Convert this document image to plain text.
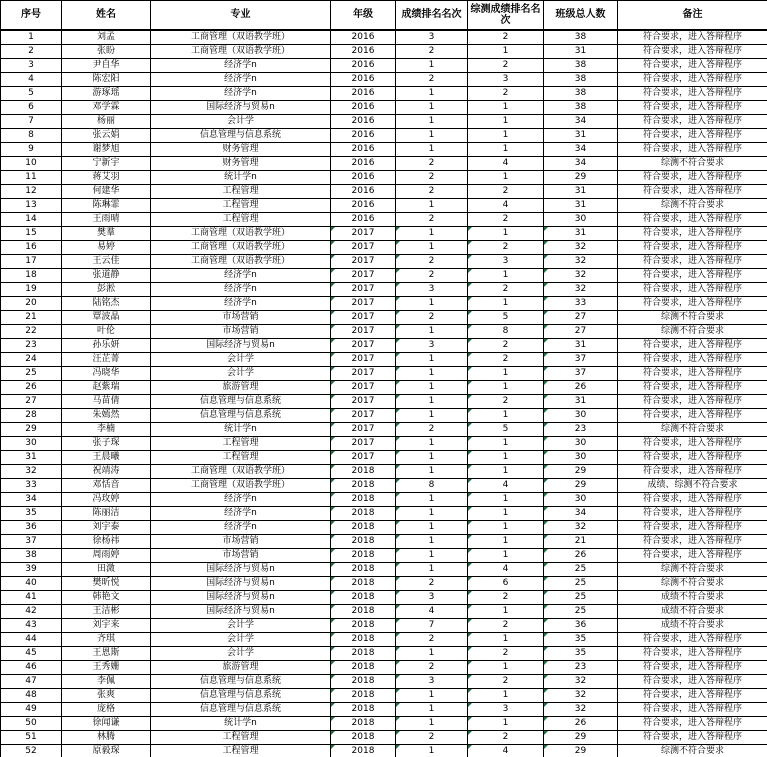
序号	姓名	专业	年级	成绩排名名次	综测成绩排名名次	班级总人数	备注
1	刘孟	工商管理（双语教学班）	2016	3	2	38	符合要求，进入答辩程序
2	张盼	工商管理（双语教学班）	2016	2	1	31	符合要求，进入答辩程序
3	尹自华	经济学n	2016	1	2	38	符合要求，进入答辩程序
4	陈宏阳	经济学n	2016	2	3	38	符合要求，进入答辩程序
5	游琢瑶	经济学n	2016	1	2	38	符合要求，进入答辩程序
6	邓学霖	国际经济与贸易n	2016	1	1	38	符合要求，进入答辩程序
7	杨丽	会计学	2016	1	1	34	符合要求，进入答辩程序
8	张云娟	信息管理与信息系统	2016	1	1	31	符合要求，进入答辩程序
9	谢梦旭	财务管理	2016	1	1	34	符合要求，进入答辩程序
10	宁新宇	财务管理	2016	2	4	34	综测不符合要求
11	蒋艾羽	统计学n	2016	2	1	29	符合要求，进入答辩程序
12	何建华	工程管理	2016	2	2	31	符合要求，进入答辩程序
13	陈琳霏	工程管理	2016	1	4	31	综测不符合要求
14	王雨晴	工程管理	2016	2	2	30	符合要求，进入答辩程序
15	樊羣	工商管理（双语教学班）	2017	1	1	31	符合要求，进入答辩程序
16	易婷	工商管理（双语教学班）	2017	1	2	32	符合要求，进入答辩程序
17	王云佳	工商管理（双语教学班）	2017	2	3	32	符合要求，进入答辩程序
18	张道静	经济学n	2017	2	1	32	符合要求，进入答辩程序
19	彭淞	经济学n	2017	3	2	32	符合要求，进入答辩程序
20	陆铭杰	经济学n	2017	1	1	33	符合要求，进入答辩程序
21	覃波晶	市场营销	2017	2	5	27	综测不符合要求
22	叶伦	市场营销	2017	1	8	27	综测不符合要求
23	孙乐妍	国际经济与贸易n	2017	3	2	31	符合要求，进入答辩程序
24	汪芷菁	会计学	2017	1	2	37	符合要求，进入答辩程序
25	冯晓华	会计学	2017	1	1	37	符合要求，进入答辩程序
26	赵紫瑞	旅游管理	2017	1	1	26	符合要求，进入答辩程序
27	马苗倩	信息管理与信息系统	2017	1	2	31	符合要求，进入答辩程序
28	朱嫣然	信息管理与信息系统	2017	1	1	30	符合要求，进入答辩程序
29	李楠	统计学n	2017	2	5	23	综测不符合要求
30	张子琛	工程管理	2017	1	1	30	符合要求，进入答辩程序
31	王晨曦	工程管理	2017	1	1	30	符合要求，进入答辩程序
32	祝靖涛	工商管理（双语教学班）	2018	1	1	29	符合要求，进入答辩程序
33	邓恬音	工商管理（双语教学班）	2018	8	4	29	成绩、综测不符合要求
34	冯玫婷	经济学n	2018	1	1	30	符合要求，进入答辩程序
35	陈丽洁	经济学n	2018	1	1	34	符合要求，进入答辩程序
36	刘宇泰	经济学n	2018	1	1	32	符合要求，进入答辩程序
37	徐杨祎	市场营销	2018	1	1	21	符合要求，进入答辩程序
38	周雨婷	市场营销	2018	1	1	26	符合要求，进入答辩程序
39	田溦	国际经济与贸易n	2018	1	4	25	综测不符合要求
40	樊昕悦	国际经济与贸易n	2018	2	6	25	综测不符合要求
41	韩艳文	国际经济与贸易n	2018	3	2	25	成绩不符合要求
42	王洁彬	国际经济与贸易n	2018	4	1	25	成绩不符合要求
43	刘宇来	会计学	2018	7	2	36	成绩不符合要求
44	齐琪	会计学	2018	2	1	35	符合要求，进入答辩程序
45	王恩斯	会计学	2018	1	2	35	符合要求，进入答辩程序
46	王秀姗	旅游管理	2018	2	1	23	符合要求，进入答辩程序
47	李佩	信息管理与信息系统	2018	3	2	32	符合要求，进入答辩程序
48	张爽	信息管理与信息系统	2018	1	1	32	符合要求，进入答辩程序
49	庞格	信息管理与信息系统	2018	1	3	32	符合要求，进入答辩程序
50	徐闻谦	统计学n	2018	1	1	26	符合要求，进入答辩程序
51	林腾	工程管理	2018	2	2	29	符合要求，进入答辩程序
52	原毅琛	工程管理	2018	1	4	29	综测不符合要求
